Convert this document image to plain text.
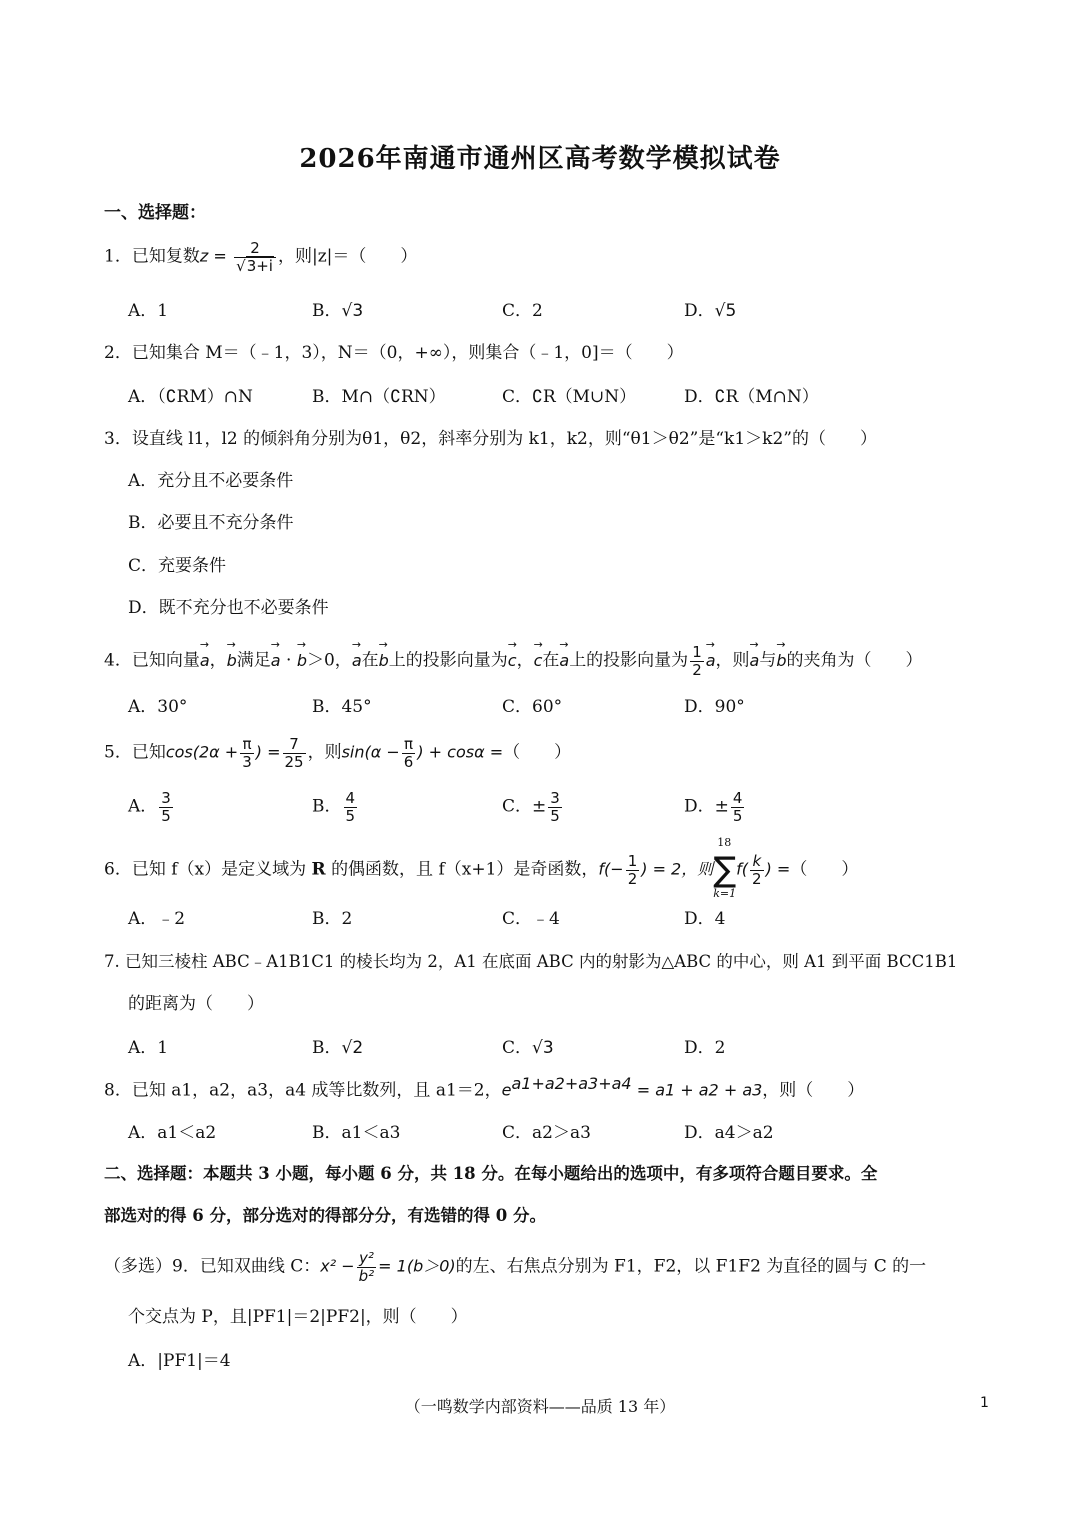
2026年南通市通州区高考数学模拟试卷
一、选择题：
1．已知复数$z = \frac{2}{√3+i}$ ，则|z|＝（　　）
A．1	B．√3	C．2	D．√5
2．已知集合 M＝（﹣1，3），N＝（0，+∞），则集合（﹣1，0]＝（　　）
A．（∁RM）∩N	B．M∩（∁RN）	C．∁R（M∪N）	D．∁R（M∩N）
3．设直线 l1，l2 的倾斜角分别为θ1，θ2，斜率分别为 k1，k2，则“θ1＞θ2”是“k1＞k2”的（　　）
A．充分且不必要条件
B．必要且不充分条件
C．充要条件
D．既不充分也不必要条件
4．已知向量→ a，→ b满足→ a · → b＞0，→ a在→ b上的投影向量为→ c，→ c在→ a上的投影向量为 $\frac{1}{2}$
→ a，则→ a与→ b的夹角为（　　）
A．30°	B．45°	C．60°	D．90°
5．已知$\cos(2\alpha + \frac{\pi}{3}$ ) = $\frac{7}{25}$ ，则$\sin(\alpha - \frac{\pi}{6}$ ) + cosα =（　　）
A． $\frac{3}{5}$	B． $\frac{4}{5}$	C．± $\frac{3}{5}$	D．± $\frac{4}{5}$
6．已知 f（x）是定义域为 R 的偶函数，且 f（x+1）是奇函数，$f(- \frac{1}{2}$ ) = 2，则∑
18
k=1
$f( \frac{k}{2}$ ) =（　　）
A．﹣2	B．2	C．﹣4	D．4
7. 已知三棱柱 ABC﹣A1B1C1 的棱长均为 2，A1 在底面 ABC 内的射影为△ABC 的中心，则 A1 到平面 BCC1B1
的距离为（　　）
A．1	B．√2	C．√3	D．2
8．已知 a1，a2，a3，a4 成等比数列，且 a1＝2，$e^{a1+a2+a3+a4} = a1 + a2 + a3$，则（　　）
A．a1＜a2	B．a1＜a3	C．a2＞a3	D．a4＞a2
二、选择题：本题共 3 小题，每小题 6 分，共 18 分。在每小题给出的选项中，有多项符合题目要求。全
部选对的得 6 分，部分选对的得部分分，有选错的得 0 分。
（多选）9．已知双曲线 C：$x^2 - \frac{\text{y²}}{\text{b²}} = 1(b>0)$的左、右焦点分别为 F1，F2，以 F1F2 为直径的圆与 C 的一
个交点为 P，且|PF1|＝2|PF2|，则（　　）
A．|PF1|＝4
（一鸣数学内部资料——品质 13 年）	1
